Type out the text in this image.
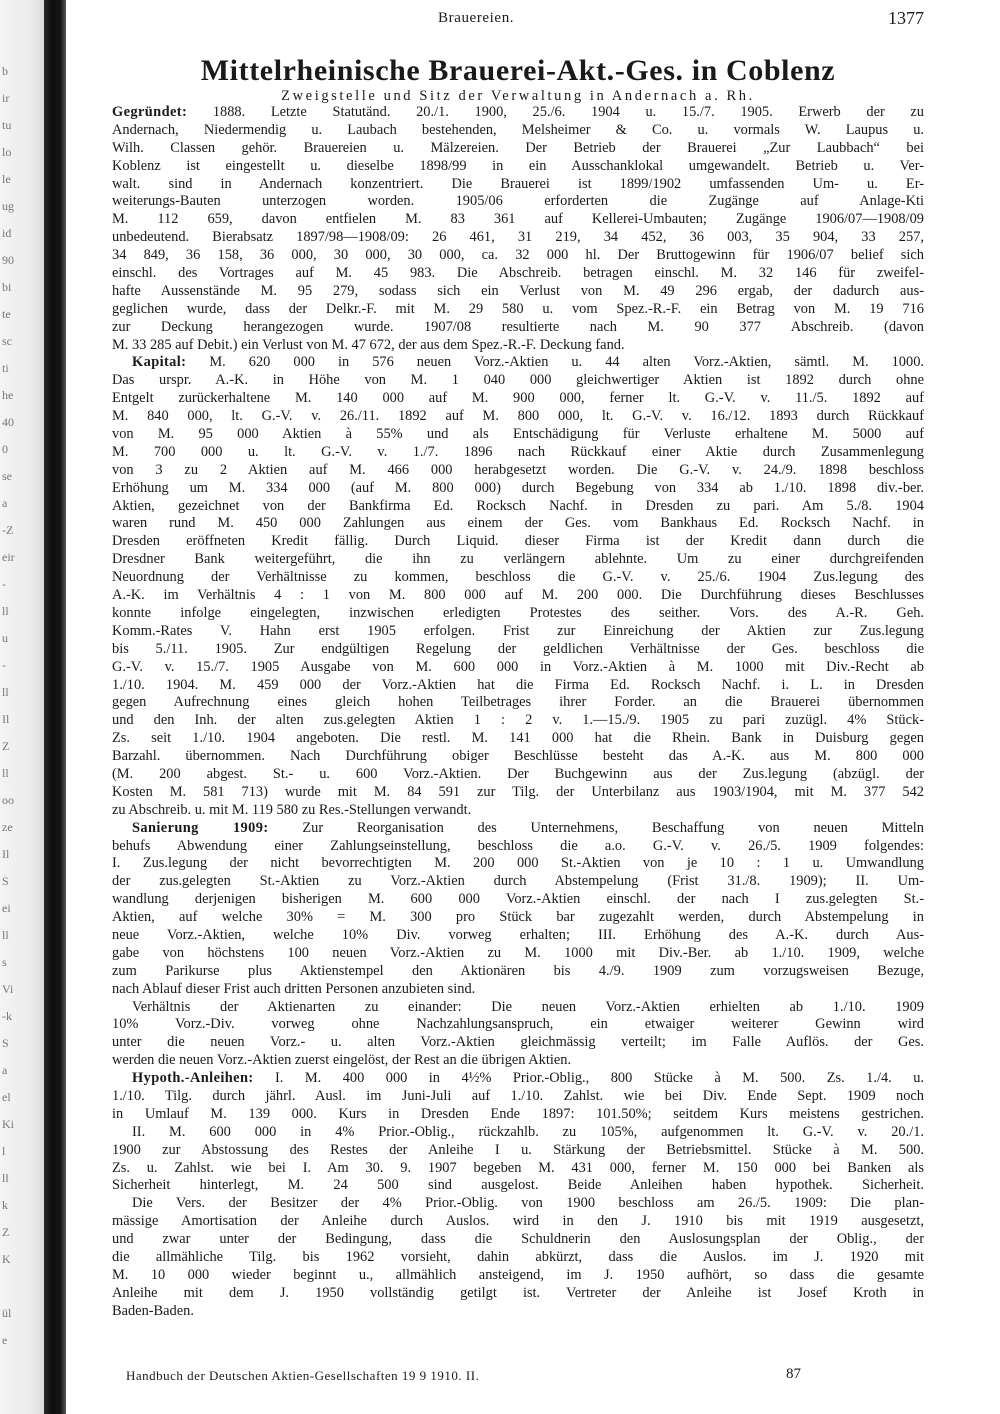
b
ir
tu
lo
le
ug
id
90
bi
te
sc
ti
he
40
0
se
a
-Z
eir
-
ll
u
-
ll
Il
Z
ll
oo
ze
Il
S
ei
ll
s
Vi
-k
S
a
el
Ki
l
ll
k
Z
K
ül
e
Brauereien.	1377
Mittelrheinische Brauerei-Akt.-Ges. in Coblenz
Zweigstelle und Sitz der Verwaltung in Andernach a. Rh.
Gegründet: 1888. Letzte Statutänd. 20./1. 1900, 25./6. 1904 u. 15./7. 1905. Erwerb der zu
Andernach, Niedermendig u. Laubach bestehenden, Melsheimer & Co. u. vormals W. Laupus u.
Wilh. Classen gehör. Brauereien u. Mälzereien. Der Betrieb der Brauerei „Zur Laubbach“ bei
Koblenz ist eingestellt u. dieselbe 1898/99 in ein Ausschanklokal umgewandelt. Betrieb u. Ver-
walt. sind in Andernach konzentriert. Die Brauerei ist 1899/1902 umfassenden Um- u. Er-
weiterungs-Bauten unterzogen worden. 1905/06 erforderten die Zugänge auf Anlage-Kti
M. 112 659, davon entfielen M. 83 361 auf Kellerei-Umbauten; Zugänge 1906/07—1908/09
unbedeutend. Bierabsatz 1897/98—1908/09: 26 461, 31 219, 34 452, 36 003, 35 904, 33 257,
34 849, 36 158, 36 000, 30 000, 30 000, ca. 32 000 hl. Der Bruttogewinn für 1906/07 belief sich
einschl. des Vortrages auf M. 45 983. Die Abschreib. betragen einschl. M. 32 146 für zweifel-
hafte Aussenstände M. 95 279, sodass sich ein Verlust von M. 49 296 ergab, der dadurch aus-
geglichen wurde, dass der Delkr.-F. mit M. 29 580 u. vom Spez.-R.-F. ein Betrag von M. 19 716
zur Deckung herangezogen wurde. 1907/08 resultierte nach M. 90 377 Abschreib. (davon
M. 33 285 auf Debit.) ein Verlust von M. 47 672, der aus dem Spez.-R.-F. Deckung fand.
Kapital: M. 620 000 in 576 neuen Vorz.-Aktien u. 44 alten Vorz.-Aktien, sämtl. M. 1000.
Das urspr. A.-K. in Höhe von M. 1 040 000 gleichwertiger Aktien ist 1892 durch ohne
Entgelt zurückerhaltene M. 140 000 auf M. 900 000, ferner lt. G.-V. v. 11./5. 1892 auf
M. 840 000, lt. G.-V. v. 26./11. 1892 auf M. 800 000, lt. G.-V. v. 16./12. 1893 durch Rückkauf
von M. 95 000 Aktien à 55% und als Entschädigung für Verluste erhaltene M. 5000 auf
M. 700 000 u. lt. G.-V. v. 1./7. 1896 nach Rückkauf einer Aktie durch Zusammenlegung
von 3 zu 2 Aktien auf M. 466 000 herabgesetzt worden. Die G.-V. v. 24./9. 1898 beschloss
Erhöhung um M. 334 000 (auf M. 800 000) durch Begebung von 334 ab 1./10. 1898 div.-ber.
Aktien, gezeichnet von der Bankfirma Ed. Rocksch Nachf. in Dresden zu pari. Am 5./8. 1904
waren rund M. 450 000 Zahlungen aus einem der Ges. vom Bankhaus Ed. Rocksch Nachf. in
Dresden eröffneten Kredit fällig. Durch Liquid. dieser Firma ist der Kredit dann durch die
Dresdner Bank weitergeführt, die ihn zu verlängern ablehnte. Um zu einer durchgreifenden
Neuordnung der Verhältnisse zu kommen, beschloss die G.-V. v. 25./6. 1904 Zus.legung des
A.-K. im Verhältnis 4 : 1 von M. 800 000 auf M. 200 000. Die Durchführung dieses Beschlusses
konnte infolge eingelegten, inzwischen erledigten Protestes des seither. Vors. des A.-R. Geh.
Komm.-Rates V. Hahn erst 1905 erfolgen. Frist zur Einreichung der Aktien zur Zus.legung
bis 5./11. 1905. Zur endgültigen Regelung der geldlichen Verhältnisse der Ges. beschloss die
G.-V. v. 15./7. 1905 Ausgabe von M. 600 000 in Vorz.-Aktien à M. 1000 mit Div.-Recht ab
1./10. 1904. M. 459 000 der Vorz.-Aktien hat die Firma Ed. Rocksch Nachf. i. L. in Dresden
gegen Aufrechnung eines gleich hohen Teilbetrages ihrer Forder. an die Brauerei übernommen
und den Inh. der alten zus.gelegten Aktien 1 : 2 v. 1.—15./9. 1905 zu pari zuzügl. 4% Stück-
Zs. seit 1./10. 1904 angeboten. Die restl. M. 141 000 hat die Rhein. Bank in Duisburg gegen
Barzahl. übernommen. Nach Durchführung obiger Beschlüsse besteht das A.-K. aus M. 800 000
(M. 200 abgest. St.- u. 600 Vorz.-Aktien. Der Buchgewinn aus der Zus.legung (abzügl. der
Kosten M. 581 713) wurde mit M. 84 591 zur Tilg. der Unterbilanz aus 1903/1904, mit M. 377 542
zu Abschreib. u. mit M. 119 580 zu Res.-Stellungen verwandt.
Sanierung 1909: Zur Reorganisation des Unternehmens, Beschaffung von neuen Mitteln
behufs Abwendung einer Zahlungseinstellung, beschloss die a.o. G.-V. v. 26./5. 1909 folgendes:
I. Zus.legung der nicht bevorrechtigten M. 200 000 St.-Aktien von je 10 : 1 u. Umwandlung
der zus.gelegten St.-Aktien zu Vorz.-Aktien durch Abstempelung (Frist 31./8. 1909); II. Um-
wandlung derjenigen bisherigen M. 600 000 Vorz.-Aktien einschl. der nach I zus.gelegten St.-
Aktien, auf welche 30% = M. 300 pro Stück bar zugezahlt werden, durch Abstempelung in
neue Vorz.-Aktien, welche 10% Div. vorweg erhalten; III. Erhöhung des A.-K. durch Aus-
gabe von höchstens 100 neuen Vorz.-Aktien zu M. 1000 mit Div.-Ber. ab 1./10. 1909, welche
zum Parikurse plus Aktienstempel den Aktionären bis 4./9. 1909 zum vorzugsweisen Bezuge,
nach Ablauf dieser Frist auch dritten Personen anzubieten sind.
Verhältnis der Aktienarten zu einander: Die neuen Vorz.-Aktien erhielten ab 1./10. 1909
10% Vorz.-Div. vorweg ohne Nachzahlungsanspruch, ein etwaiger weiterer Gewinn wird
unter die neuen Vorz.- u. alten Vorz.-Aktien gleichmässig verteilt; im Falle Auflös. der Ges.
werden die neuen Vorz.-Aktien zuerst eingelöst, der Rest an die übrigen Aktien.
Hypoth.-Anleihen: I. M. 400 000 in 4½% Prior.-Oblig., 800 Stücke à M. 500. Zs. 1./4. u.
1./10. Tilg. durch jährl. Ausl. im Juni-Juli auf 1./10. Zahlst. wie bei Div. Ende Sept. 1909 noch
in Umlauf M. 139 000. Kurs in Dresden Ende 1897: 101.50%; seitdem Kurs meistens gestrichen.
II. M. 600 000 in 4% Prior.-Oblig., rückzahlb. zu 105%, aufgenommen lt. G.-V. v. 20./1.
1900 zur Abstossung des Restes der Anleihe I u. Stärkung der Betriebsmittel. Stücke à M. 500.
Zs. u. Zahlst. wie bei I. Am 30. 9. 1907 begeben M. 431 000, ferner M. 150 000 bei Banken als
Sicherheit hinterlegt, M. 24 500 sind ausgelost. Beide Anleihen haben hypothek. Sicherheit.
Die Vers. der Besitzer der 4% Prior.-Oblig. von 1900 beschloss am 26./5. 1909: Die plan-
mässige Amortisation der Anleihe durch Auslos. wird in den J. 1910 bis mit 1919 ausgesetzt,
und zwar unter der Bedingung, dass die Schuldnerin den Auslosungsplan der Oblig., der
die allmähliche Tilg. bis 1962 vorsieht, dahin abkürzt, dass die Auslos. im J. 1920 mit
M. 10 000 wieder beginnt u., allmählich ansteigend, im J. 1950 aufhört, so dass die gesamte
Anleihe mit dem J. 1950 vollständig getilgt ist. Vertreter der Anleihe ist Josef Kroth in
Baden-Baden.
Handbuch der Deutschen Aktien-Gesellschaften 19 9 1910. II.	87
